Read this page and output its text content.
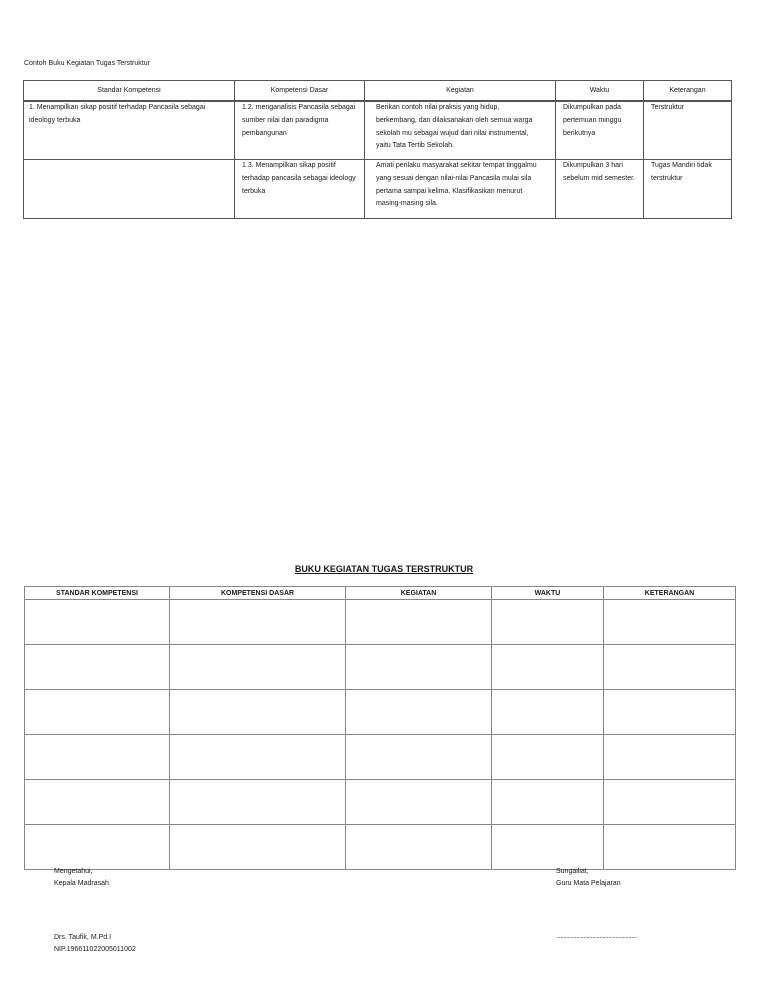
Contoh Buku Kegiatan Tugas Terstruktur
Standar Kompetensi	Kompetensi Dasar	Kegiatan	Waktu	Keterangan
1. Menampilkan sikap positif terhadap Pancasila sebagai ideology terbuka	1.2. menganalisis Pancasila sebagai sumber nilai dan paradigma pembangunan	Berikan contoh nilai praksis yang hidup, berkembang, dan dilaksanakan oleh semua warga sekolah mu sebagai wujud dari nilai instrumental, yaitu Tata Tertib Sekolah.	Dikumpulkan pada pertemuan minggu berikutnya	Terstruktur
	1.3. Menampilkan sikap positif terhadap pancasila sebagai ideology terbuka	Amati perilaku masyarakat sekitar tempat tinggalmu yang sesuai dengan nilai-nilai Pancasila mulai sila pertama sampai kelima. Klasifikasikan menurut masing-masing sila.	Dikumpulkan 3 hari sebelum mid semester.	Tugas Mandiri tidak terstruktur
BUKU KEGIATAN TUGAS TERSTRUKTUR
STANDAR KOMPETENSI	KOMPETENSI DASAR	KEGIATAN	WAKTU	KETERANGAN

Mengetahui,
Kepala Madrasah
Sungailiat,
Guru Mata Pelajaran
Drs. Taufik, M.Pd.I
NIP.196611022005011002
........................................................
